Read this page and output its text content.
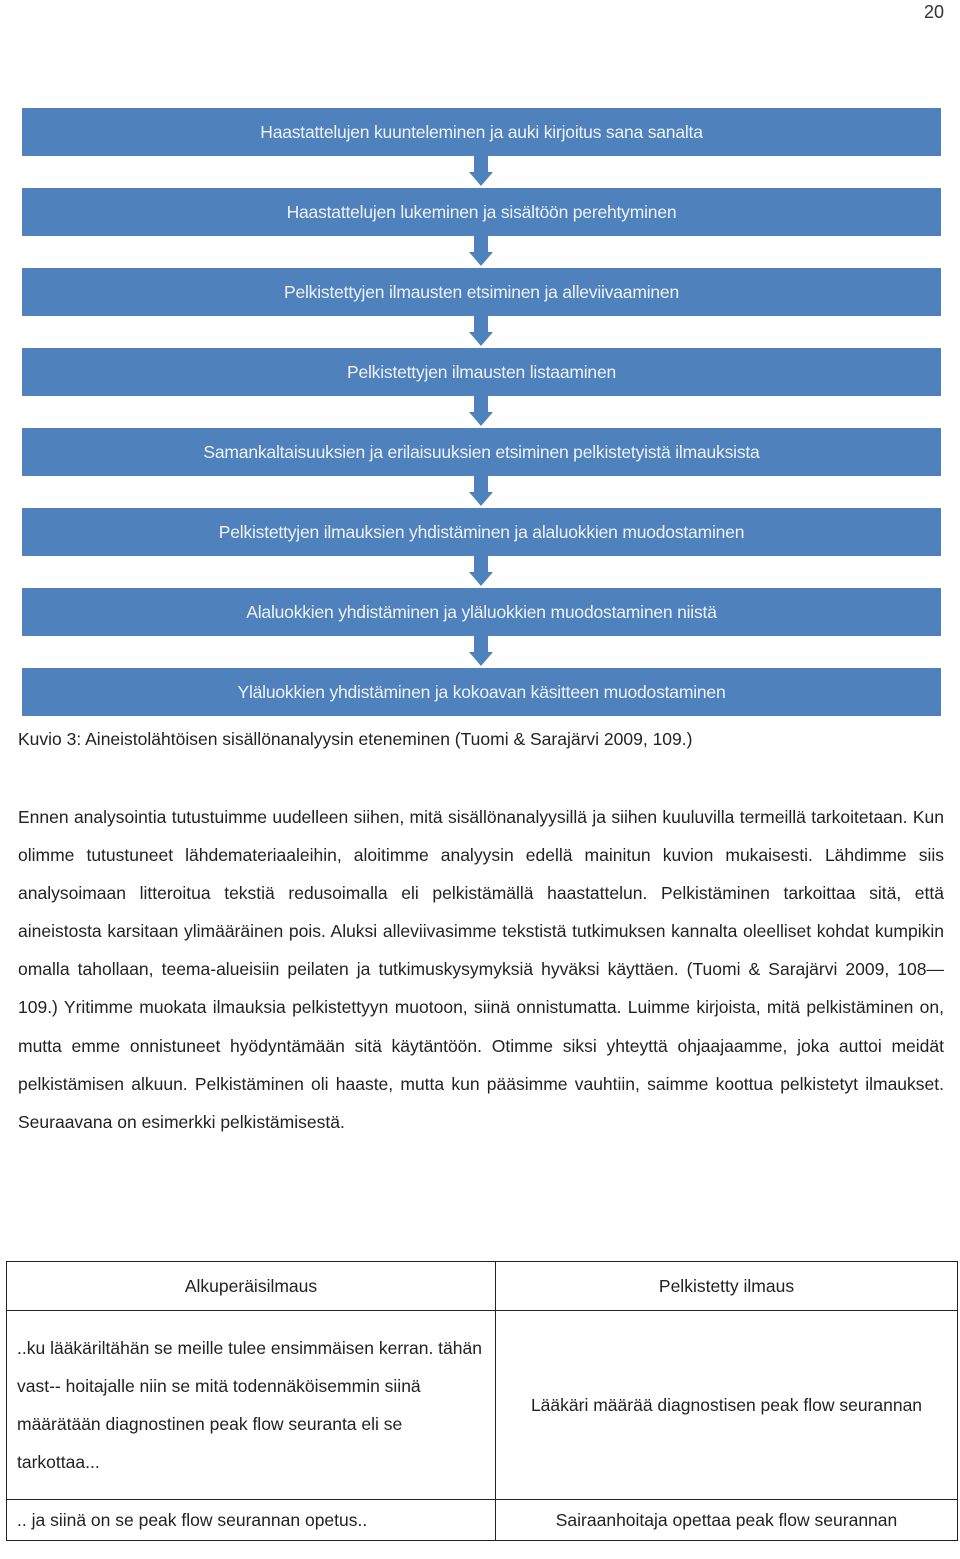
20
Haastattelujen kuunteleminen ja auki kirjoitus sana sanalta
Haastattelujen lukeminen ja sisältöön perehtyminen
Pelkistettyjen ilmausten etsiminen ja alleviivaaminen
Pelkistettyjen ilmausten listaaminen
Samankaltaisuuksien ja erilaisuuksien etsiminen pelkistetyistä ilmauksista
Pelkistettyjen ilmauksien yhdistäminen ja alaluokkien muodostaminen
Alaluokkien yhdistäminen ja yläluokkien muodostaminen niistä
Yläluokkien yhdistäminen ja kokoavan käsitteen muodostaminen
Kuvio 3: Aineistolähtöisen sisällönanalyysin eteneminen (Tuomi & Sarajärvi 2009, 109.)

Ennen analysointia tutustuimme uudelleen siihen, mitä sisällönanalyysillä ja siihen kuuluvilla termeillä tarkoitetaan. Kun olimme tutustuneet lähdemateriaaleihin, aloitimme analyysin edellä mainitun kuvion mukaisesti. Lähdimme siis analysoimaan litteroitua tekstiä redusoimalla eli pelkistämällä haastattelun. Pelkistäminen tarkoittaa sitä, että aineistosta karsitaan ylimääräinen pois. Aluksi alleviivasimme tekstistä tutkimuksen kannalta oleelliset kohdat kumpikin omalla tahollaan, teema-alueisiin peilaten ja tutkimuskysymyksiä hyväksi käyttäen. (Tuomi & Sarajärvi 2009, 108—109.) Yritimme muokata ilmauksia pelkistettyyn muotoon, siinä onnistumatta. Luimme kirjoista, mitä pelkistäminen on, mutta emme onnistuneet hyödyntämään sitä käytäntöön. Otimme siksi yhteyttä ohjaajaamme, joka auttoi meidät pelkistämisen alkuun. Pelkistäminen oli haaste, mutta kun pääsimme vauhtiin, saimme koottua pelkistetyt ilmaukset. Seuraavana on esimerkki pelkistämisestä.

Alkuperäisilmaus	Pelkistetty ilmaus
..ku lääkäriltähän se meille tulee ensimmäisen kerran. tähän vast-- hoitajalle niin se mitä todennäköisemmin siinä määrätään diagnostinen peak flow seuranta eli se tarkottaa...	Lääkäri määrää diagnostisen peak flow seurannan
.. ja siinä on se peak flow seurannan opetus..	Sairaanhoitaja opettaa peak flow seurannan
